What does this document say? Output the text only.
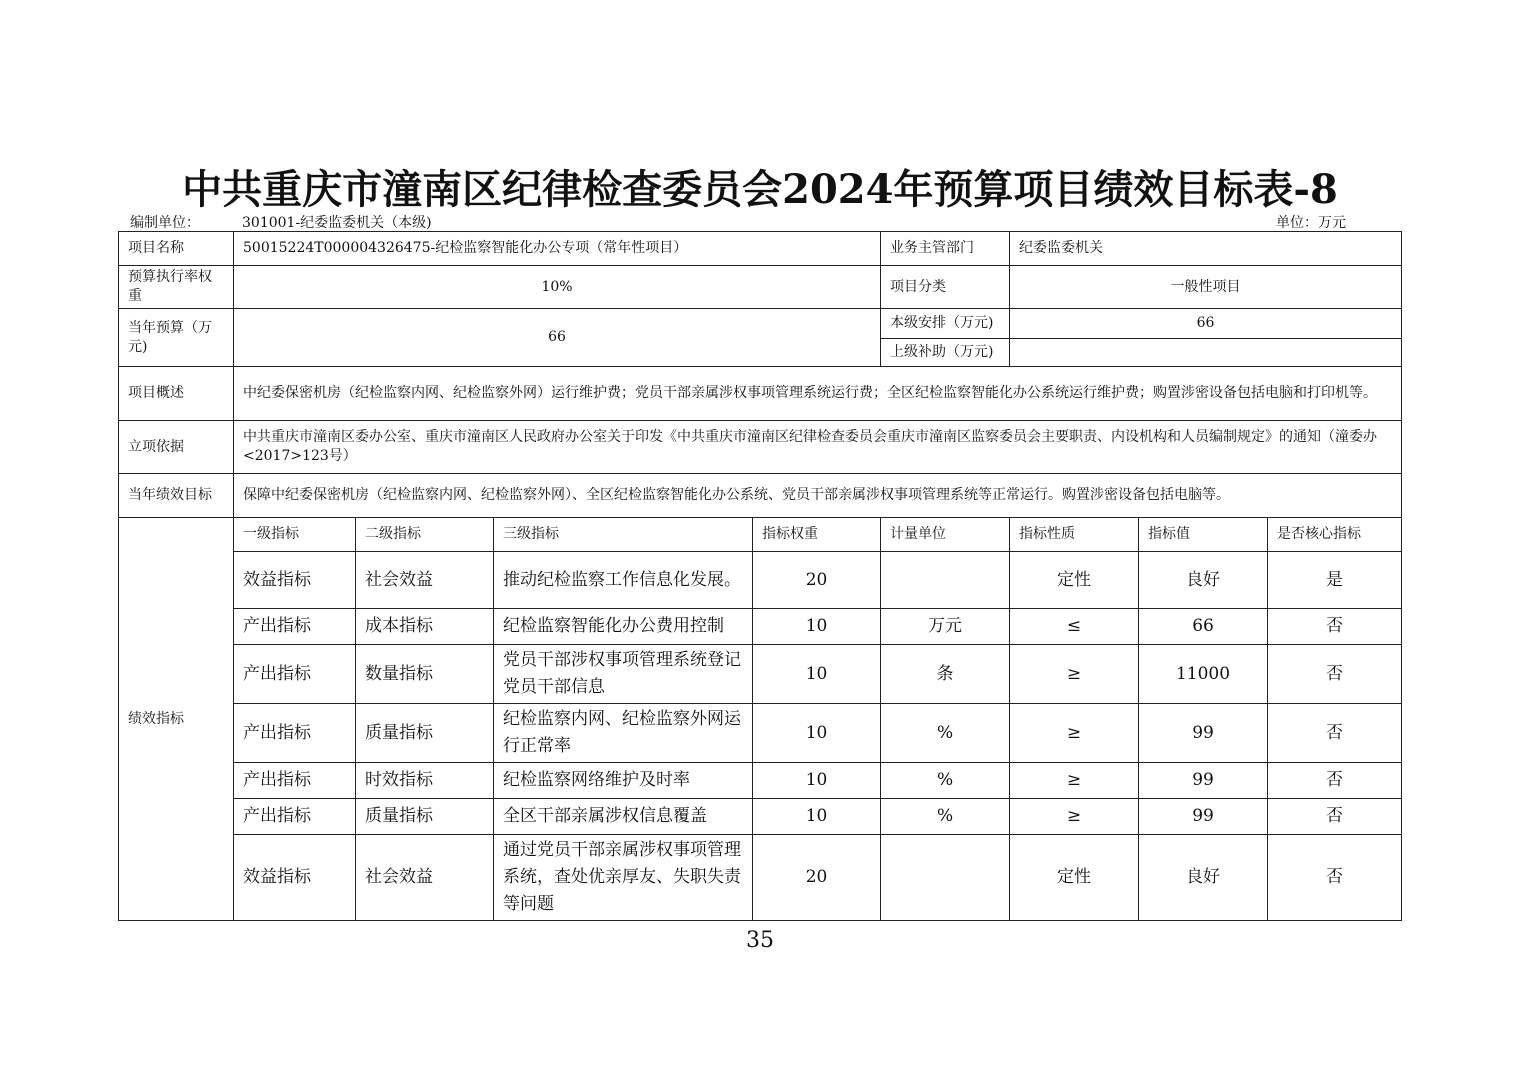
中共重庆市潼南区纪律检查委员会2024年预算项目绩效目标表-8
编制单位：	301001-纪委监委机关（本级)	单位：万元
项目名称	50015224T000004326475-纪检监察智能化办公专项（常年性项目）				业务主管部门	纪委监委机关		
预算执行率权重	10%				项目分类	一般性项目		
当年预算（万元)	66				本级安排（万元)	66		
					上级补助（万元)			
项目概述	中纪委保密机房（纪检监察内网、纪检监察外网）运行维护费；党员干部亲属涉权事项管理系统运行费；全区纪检监察智能化办公系统运行维护费；购置涉密设备包括电脑和打印机等。							
立项依据	中共重庆市潼南区委办公室、重庆市潼南区人民政府办公室关于印发《中共重庆市潼南区纪律检查委员会重庆市潼南区监察委员会主要职责、内设机构和人员编制规定》的通知（潼委办<2017>123号）							
当年绩效目标	保障中纪委保密机房（纪检监察内网、纪检监察外网）、全区纪检监察智能化办公系统、党员干部亲属涉权事项管理系统等正常运行。购置涉密设备包括电脑等。							
绩效指标	一级指标	二级指标	三级指标	指标权重	计量单位	指标性质	指标值	是否核心指标
	效益指标	社会效益	推动纪检监察工作信息化发展。	20		定性	良好	是
	产出指标	成本指标	纪检监察智能化办公费用控制	10	万元	≤	66	否
	产出指标	数量指标	党员干部涉权事项管理系统登记党员干部信息	10	条	≥	11000	否
	产出指标	质量指标	纪检监察内网、纪检监察外网运行正常率	10	%	≥	99	否
	产出指标	时效指标	纪检监察网络维护及时率	10	%	≥	99	否
	产出指标	质量指标	全区干部亲属涉权信息覆盖	10	%	≥	99	否
	效益指标	社会效益	通过党员干部亲属涉权事项管理系统，查处优亲厚友、失职失责等问题	20		定性	良好	否
35
